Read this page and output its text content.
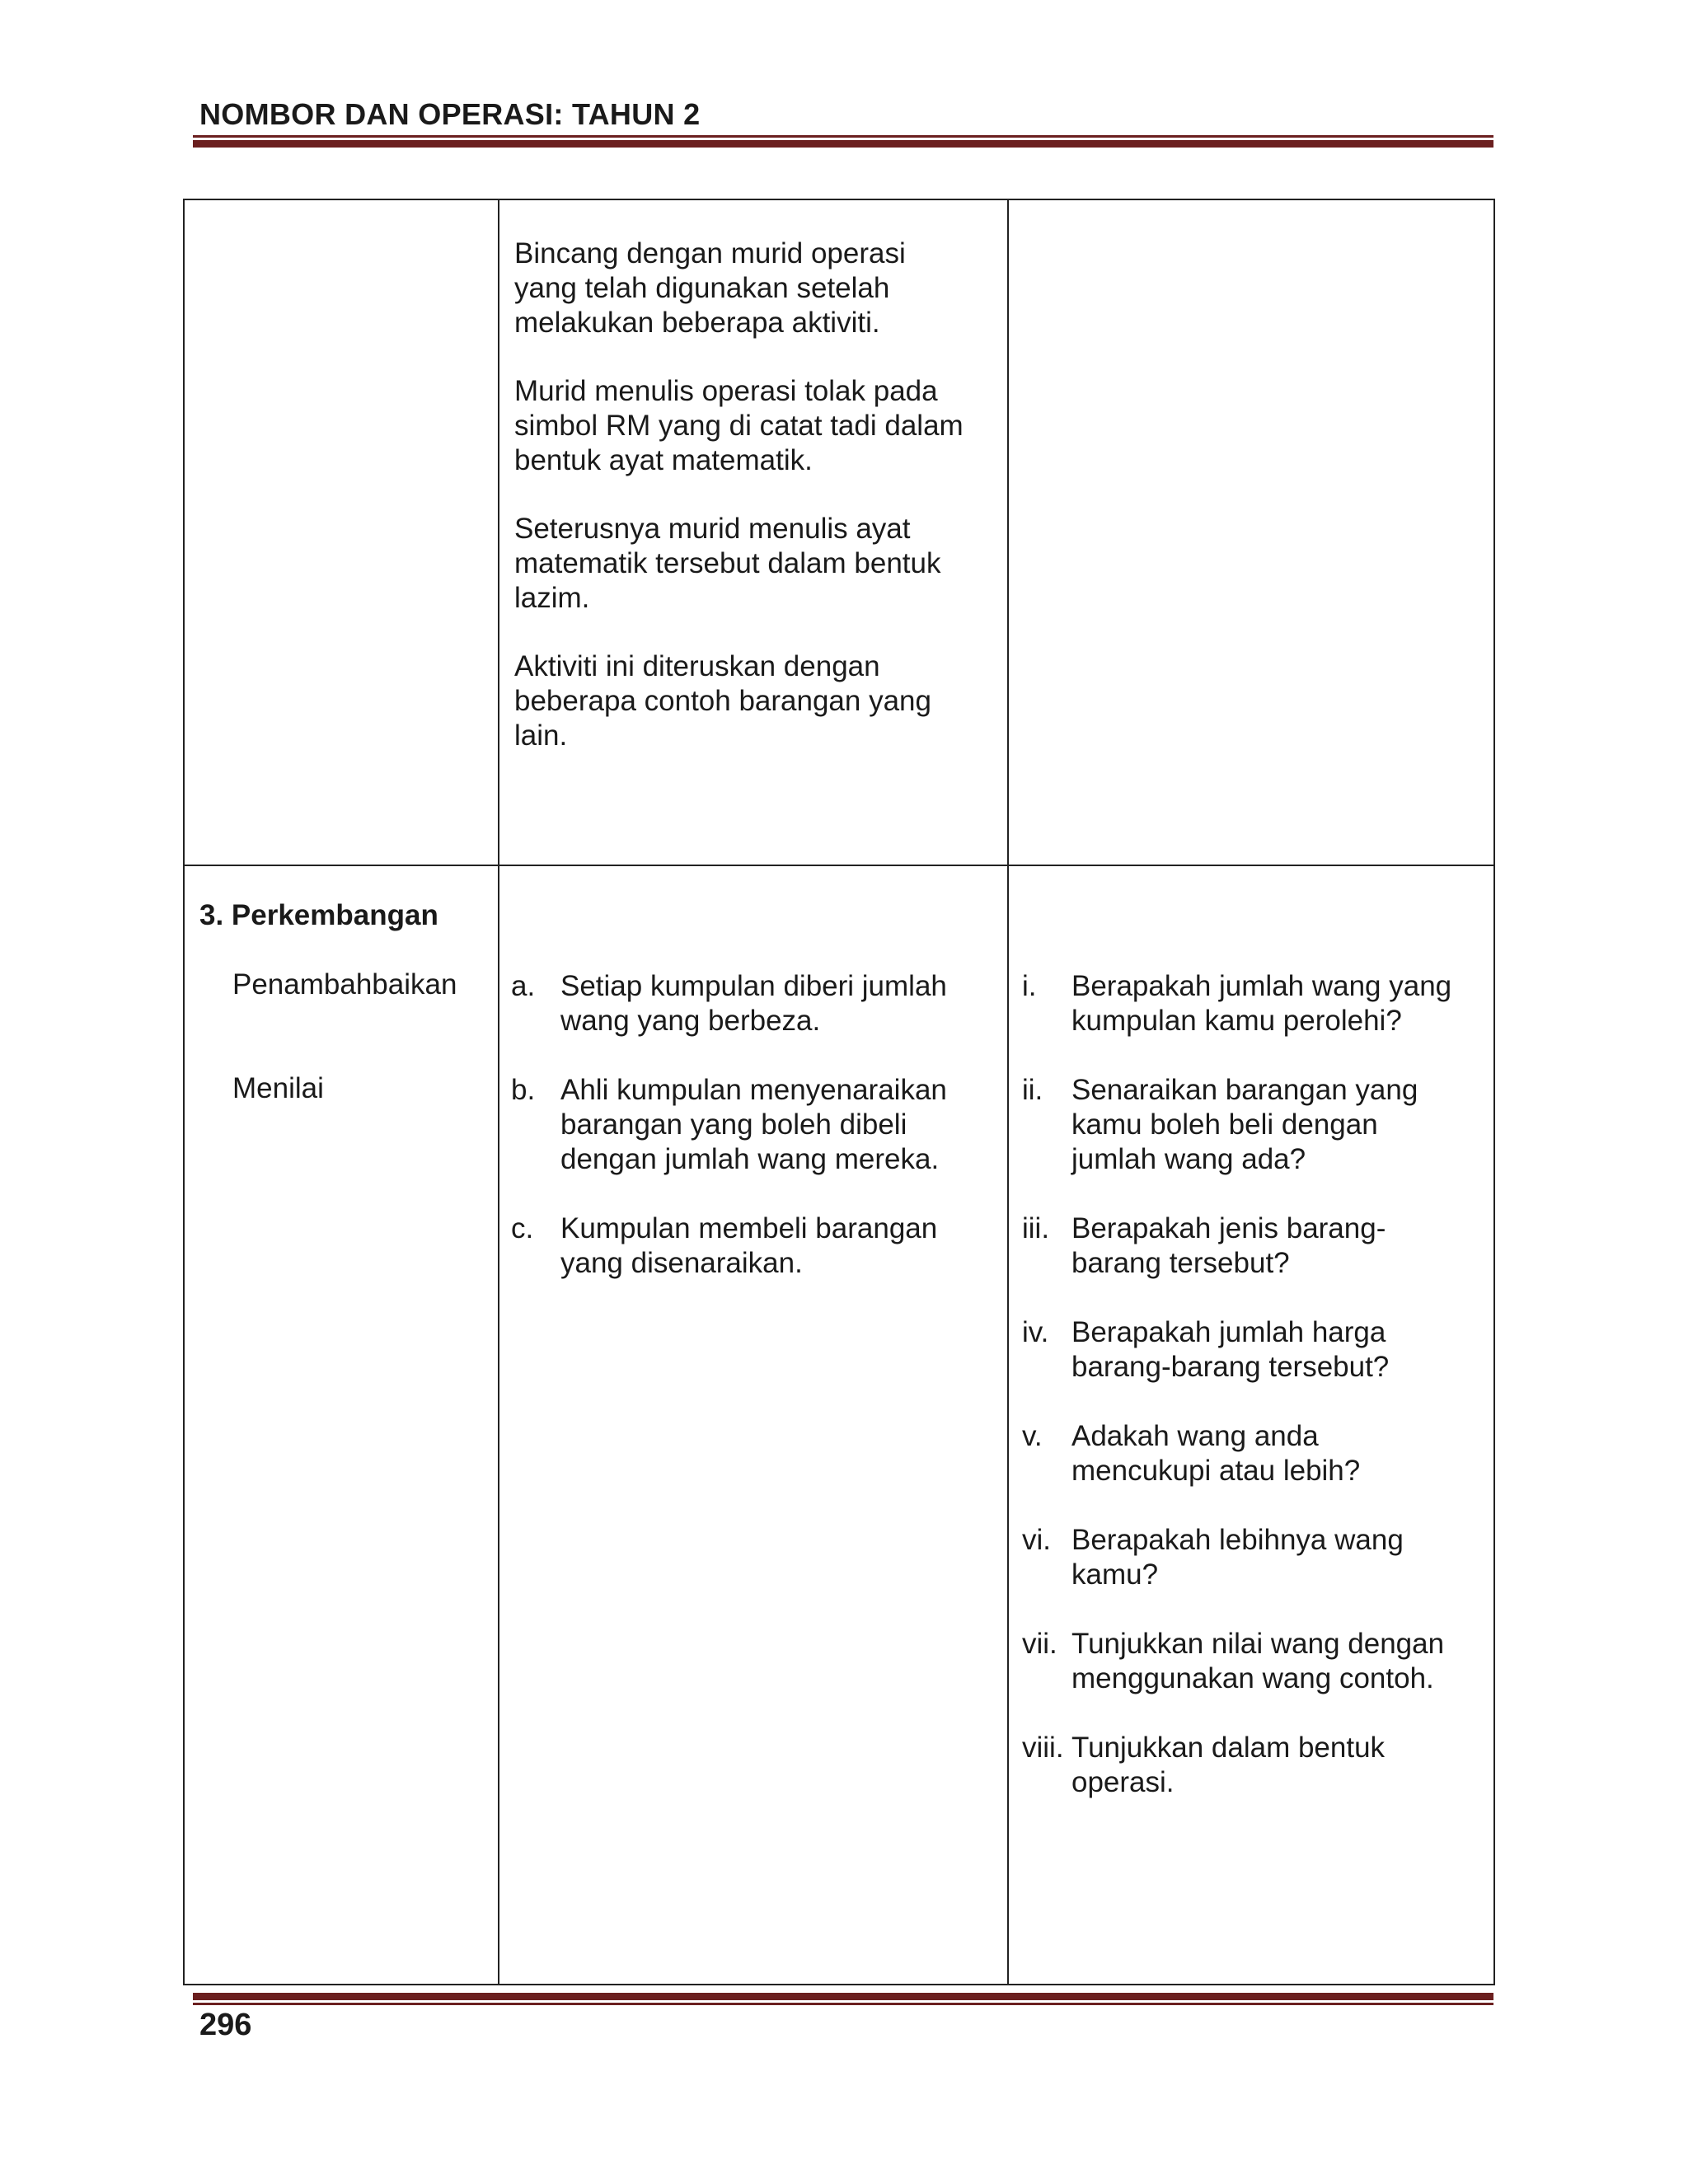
NOMBOR DAN OPERASI: TAHUN 2
Bincang dengan murid operasi
yang telah digunakan setelah
melakukan beberapa aktiviti.
Murid menulis operasi tolak pada
simbol RM yang di catat tadi dalam
bentuk ayat matematik.
Seterusnya murid menulis ayat
matematik tersebut dalam bentuk
lazim.
Aktiviti ini diteruskan dengan
beberapa contoh barangan yang
lain.
3. Perkembangan
Penambahbaikan
Menilai
a. Setiap kumpulan diberi jumlah
wang yang berbeza.
b. Ahli kumpulan menyenaraikan
barangan yang boleh dibeli
dengan jumlah wang mereka.
c. Kumpulan membeli barangan
yang disenaraikan.
i. Berapakah jumlah wang yang
kumpulan kamu perolehi?
ii. Senaraikan barangan yang
kamu boleh beli dengan
jumlah wang ada?
iii. Berapakah jenis barang-
barang tersebut?
iv. Berapakah jumlah harga
barang-barang tersebut?
v. Adakah wang anda
mencukupi atau lebih?
vi. Berapakah lebihnya wang
kamu?
vii. Tunjukkan nilai wang dengan
menggunakan wang contoh.
viii. Tunjukkan dalam bentuk
operasi.
296
